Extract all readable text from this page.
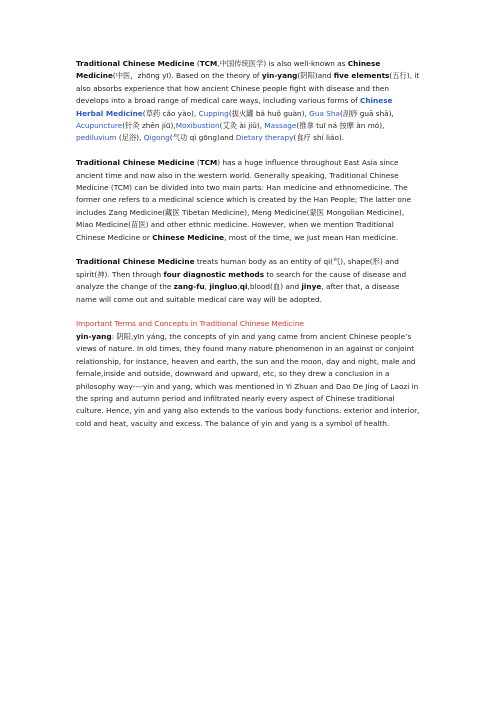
Traditional Chinese Medicine (TCM,中国传统医学) is also well-known as Chinese Medicine(中医，zhōng yī). Based on the theory of yin-yang(阴阳)and five elements(五行), it also absorbs experience that how ancient Chinese people fight with disease and then develops into a broad range of medical care ways, including various forms of Chinese Herbal Medicine(草药 cǎo yào), Cupping(拔火罐 bá huǒ guàn), Gua Sha(刮痧 guā shā), Acupuncture(针灸 zhēn jiū),Moxibustion(艾灸 ài jiǔ), Massage(推拿 tuī ná 按摩 àn mó), pediluvium (足浴), Qigong(气功 qì gōng)and Dietary therapy(食疗 shí liáo).

Traditional Chinese Medicine (TCM) has a huge influence throughout East Asia since ancient time and now also in the western world. Generally speaking, Traditional Chinese Medicine (TCM) can be divided into two main parts: Han medicine and ethnomedicine. The former one refers to a medicinal science which is created by the Han People; The latter one includes Zang Medicine(藏医 Tibetan Medicine), Meng Medicine(蒙医 Mongolian Medicine), Miao Medicine(苗医) and other ethnic medicine. However, when we mention Traditional Chinese Medicine or Chinese Medicine, most of the time, we just mean Han medicine.

Traditional Chinese Medicine treats human body as an entity of qi(气), shape(形) and spirit(神). Then through four diagnostic methods to search for the cause of disease and analyze the change of the zang-fu, jingluo,qi,blood(血) and jinye, after that, a disease name will come out and suitable medical care way will be adopted.

Important Terms and Concepts in Traditional Chinese Medicine

yin-yang: 阴阳,yīn yáng, the concepts of yin and yang came from ancient Chinese people’s views of nature. In old times, they found many nature phenomenon in an against or conjoint relationship, for instance, heaven and earth, the sun and the moon, day and night, male and female,inside and outside, downward and upward, etc, so they drew a conclusion in a philosophy way----yin and yang, which was mentioned in Yi Zhuan and Dao De Jing of Laozi in the spring and autumn period and infiltrated nearly every aspect of Chinese traditional culture. Hence, yin and yang also extends to the various body functions: exterior and interior, cold and heat, vacuity and excess. The balance of yin and yang is a symbol of health.
